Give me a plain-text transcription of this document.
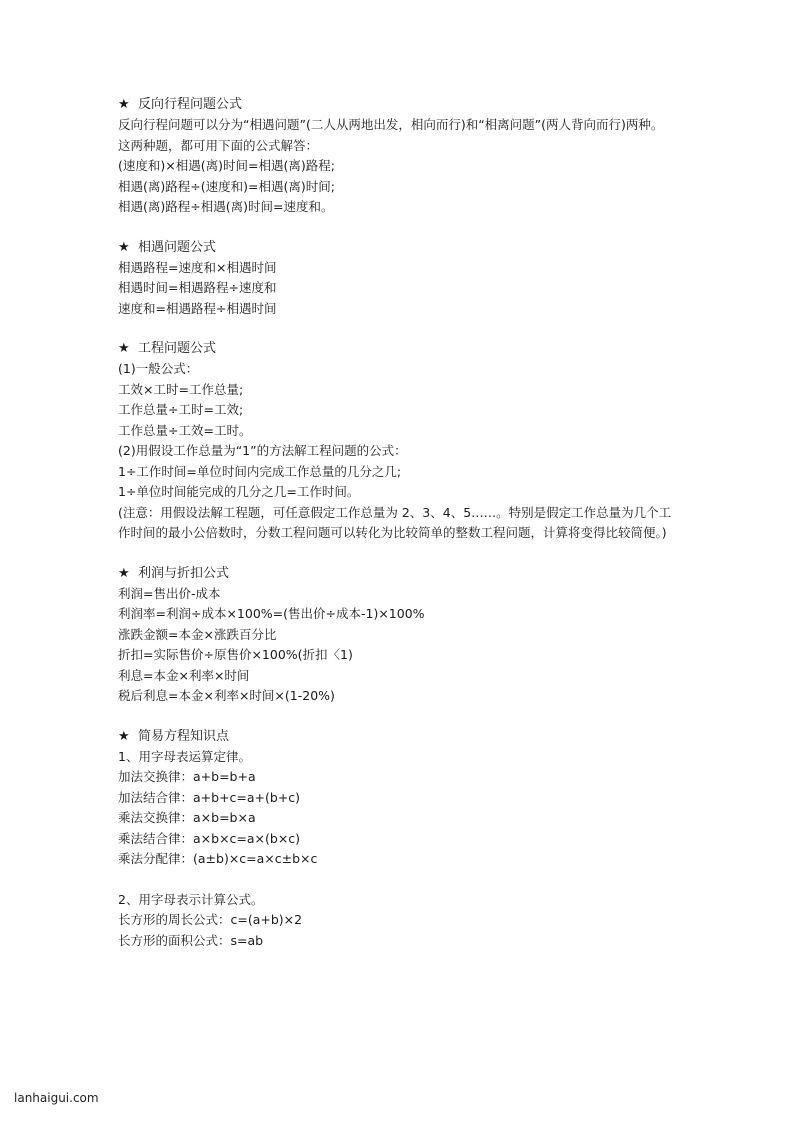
★ 反向行程问题公式
反向行程问题可以分为“相遇问题”(二人从两地出发，相向而行)和“相离问题”(两人背向而行)两种。
这两种题，都可用下面的公式解答：
(速度和)×相遇(离)时间=相遇(离)路程;
相遇(离)路程÷(速度和)=相遇(离)时间;
相遇(离)路程÷相遇(离)时间=速度和。
★ 相遇问题公式
相遇路程=速度和×相遇时间
相遇时间=相遇路程÷速度和
速度和=相遇路程÷相遇时间
★ 工程问题公式
(1)一般公式：
工效×工时=工作总量;
工作总量÷工时=工效;
工作总量÷工效=工时。
(2)用假设工作总量为“1”的方法解工程问题的公式：
1÷工作时间=单位时间内完成工作总量的几分之几;
1÷单位时间能完成的几分之几=工作时间。
(注意：用假设法解工程题，可任意假定工作总量为 2、3、4、5……。特别是假定工作总量为几个工作时间的最小公倍数时，分数工程问题可以转化为比较简单的整数工程问题，计算将变得比较简便。)
★ 利润与折扣公式
利润=售出价-成本
利润率=利润÷成本×100%=(售出价÷成本-1)×100%
涨跌金额=本金×涨跌百分比
折扣=实际售价÷原售价×100%(折扣〈1)
利息=本金×利率×时间
税后利息=本金×利率×时间×(1-20%)
★ 简易方程知识点
1、用字母表运算定律。
加法交换律：a+b=b+a
加法结合律：a+b+c=a+(b+c)
乘法交换律：a×b=b×a
乘法结合律：a×b×c=a×(b×c)
乘法分配律：(a±b)×c=a×c±b×c
2、用字母表示计算公式。
长方形的周长公式：c=(a+b)×2
长方形的面积公式：s=ab
lanhaigui.com
